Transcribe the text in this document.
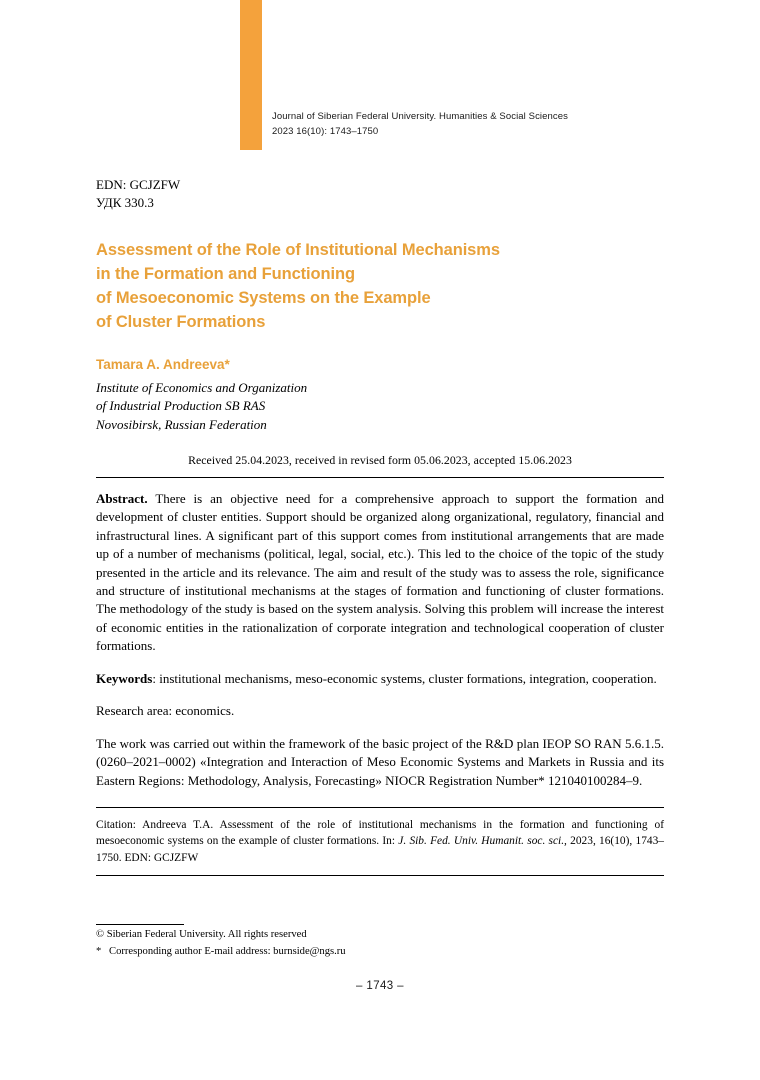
Journal of Siberian Federal University. Humanities & Social Sciences
2023 16(10): 1743–1750
EDN: GCJZFW
УДК 330.3
Assessment of the Role of Institutional Mechanisms
in the Formation and Functioning
of Mesoeconomic Systems on the Example
of Cluster Formations
Tamara A. Andreeva*
Institute of Economics and Organization
of Industrial Production SB RAS
Novosibirsk, Russian Federation
Received 25.04.2023, received in revised form 05.06.2023, accepted 15.06.2023
Abstract. There is an objective need for a comprehensive approach to support the formation and development of cluster entities. Support should be organized along organizational, regulatory, financial and infrastructural lines. A significant part of this support comes from institutional arrangements that are made up of a number of mechanisms (political, legal, social, etc.). This led to the choice of the topic of the study presented in the article and its relevance. The aim and result of the study was to assess the role, significance and structure of institutional mechanisms at the stages of formation and functioning of cluster formations. The methodology of the study is based on the system analysis. Solving this problem will increase the interest of economic entities in the rationalization of corporate integration and technological cooperation of cluster formations.
Keywords: institutional mechanisms, meso-economic systems, cluster formations, integration, cooperation.
Research area: economics.
The work was carried out within the framework of the basic project of the R&D plan IEOP SO RAN 5.6.1.5. (0260–2021–0002) «Integration and Interaction of Meso Economic Systems and Markets in Russia and its Eastern Regions: Methodology, Analysis, Forecasting» NIOCR Registration Number* 121040100284–9.
Citation: Andreeva T.A. Assessment of the role of institutional mechanisms in the formation and functioning of mesoeconomic systems on the example of cluster formations. In: J. Sib. Fed. Univ. Humanit. soc. sci., 2023, 16(10), 1743–1750. EDN: GCJZFW
© Siberian Federal University. All rights reserved
* Corresponding author E-mail address: burnside@ngs.ru
– 1743 –
